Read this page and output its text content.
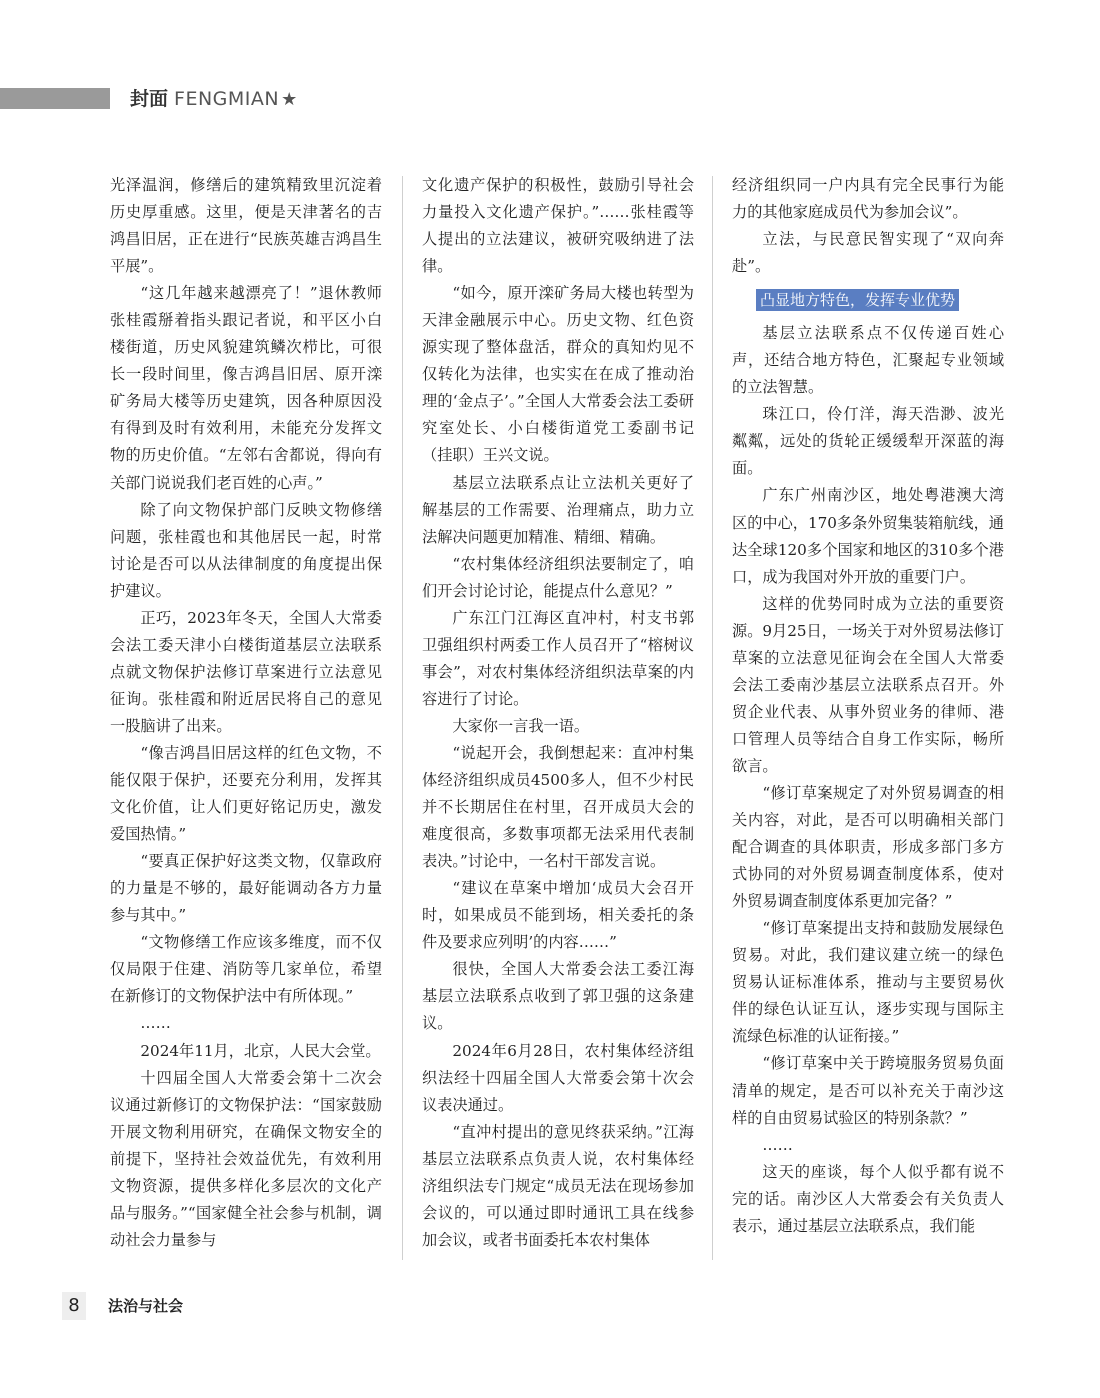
封面 FENGMIAN ★

光泽温润，修缮后的建筑精致里沉淀着历史厚重感。这里，便是天津著名的吉鸿昌旧居，正在进行“民族英雄吉鸿昌生平展”。

“这几年越来越漂亮了！”退休教师张桂霞掰着指头跟记者说，和平区小白楼街道，历史风貌建筑鳞次栉比，可很长一段时间里，像吉鸿昌旧居、原开滦矿务局大楼等历史建筑，因各种原因没有得到及时有效利用，未能充分发挥文物的历史价值。“左邻右舍都说，得向有关部门说说我们老百姓的心声。”

除了向文物保护部门反映文物修缮问题，张桂霞也和其他居民一起，时常讨论是否可以从法律制度的角度提出保护建议。

正巧，2023年冬天，全国人大常委会法工委天津小白楼街道基层立法联系点就文物保护法修订草案进行立法意见征询。张桂霞和附近居民将自己的意见一股脑讲了出来。

“像吉鸿昌旧居这样的红色文物，不能仅限于保护，还要充分利用，发挥其文化价值，让人们更好铭记历史，激发爱国热情。”

“要真正保护好这类文物，仅靠政府的力量是不够的，最好能调动各方力量参与其中。”

“文物修缮工作应该多维度，而不仅仅局限于住建、消防等几家单位，希望在新修订的文物保护法中有所体现。”

……

2024年11月，北京，人民大会堂。

十四届全国人大常委会第十二次会议通过新修订的文物保护法：“国家鼓励开展文物利用研究，在确保文物安全的前提下，坚持社会效益优先，有效利用文物资源，提供多样化多层次的文化产品与服务。”“国家健全社会参与机制，调动社会力量参与

文化遗产保护的积极性，鼓励引导社会力量投入文化遗产保护。”……张桂霞等人提出的立法建议，被研究吸纳进了法律。

“如今，原开滦矿务局大楼也转型为天津金融展示中心。历史文物、红色资源实现了整体盘活，群众的真知灼见不仅转化为法律，也实实在在成了推动治理的‘金点子’。”全国人大常委会法工委研究室处长、小白楼街道党工委副书记（挂职）王兴文说。

基层立法联系点让立法机关更好了解基层的工作需要、治理痛点，助力立法解决问题更加精准、精细、精确。

“农村集体经济组织法要制定了，咱们开会讨论讨论，能提点什么意见？”

广东江门江海区直冲村，村支书郭卫强组织村两委工作人员召开了“榕树议事会”，对农村集体经济组织法草案的内容进行了讨论。

大家你一言我一语。

“说起开会，我倒想起来：直冲村集体经济组织成员4500多人，但不少村民并不长期居住在村里，召开成员大会的难度很高，多数事项都无法采用代表制表决。”讨论中，一名村干部发言说。

“建议在草案中增加‘成员大会召开时，如果成员不能到场，相关委托的条件及要求应列明’的内容……”

很快，全国人大常委会法工委江海基层立法联系点收到了郭卫强的这条建议。

2024年6月28日，农村集体经济组织法经十四届全国人大常委会第十次会议表决通过。

“直冲村提出的意见终获采纳。”江海基层立法联系点负责人说，农村集体经济组织法专门规定“成员无法在现场参加会议的，可以通过即时通讯工具在线参加会议，或者书面委托本农村集体

经济组织同一户内具有完全民事行为能力的其他家庭成员代为参加会议”。

立法，与民意民智实现了“双向奔赴”。

凸显地方特色，发挥专业优势

基层立法联系点不仅传递百姓心声，还结合地方特色，汇聚起专业领域的立法智慧。

珠江口，伶仃洋，海天浩渺、波光粼粼，远处的货轮正缓缓犁开深蓝的海面。

广东广州南沙区，地处粤港澳大湾区的中心，170多条外贸集装箱航线，通达全球120多个国家和地区的310多个港口，成为我国对外开放的重要门户。

这样的优势同时成为立法的重要资源。9月25日，一场关于对外贸易法修订草案的立法意见征询会在全国人大常委会法工委南沙基层立法联系点召开。外贸企业代表、从事外贸业务的律师、港口管理人员等结合自身工作实际，畅所欲言。

“修订草案规定了对外贸易调查的相关内容，对此，是否可以明确相关部门配合调查的具体职责，形成多部门多方式协同的对外贸易调查制度体系，使对外贸易调查制度体系更加完备？”

“修订草案提出支持和鼓励发展绿色贸易。对此，我们建议建立统一的绿色贸易认证标准体系，推动与主要贸易伙伴的绿色认证互认，逐步实现与国际主流绿色标准的认证衔接。”

“修订草案中关于跨境服务贸易负面清单的规定，是否可以补充关于南沙这样的自由贸易试验区的特别条款？”

……

这天的座谈，每个人似乎都有说不完的话。南沙区人大常委会有关负责人表示，通过基层立法联系点，我们能

8	法治与社会
